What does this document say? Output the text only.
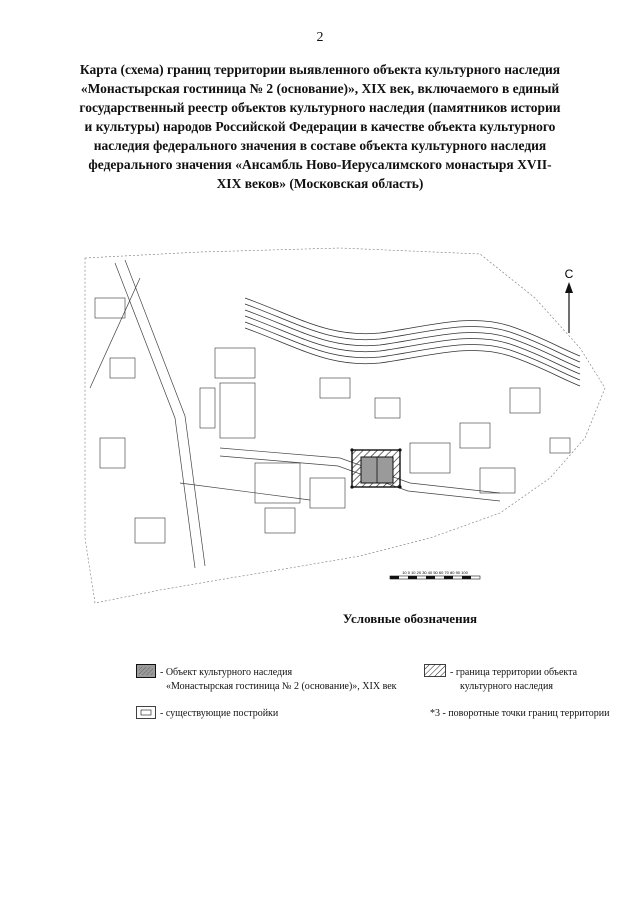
2
Карта (схема) границ территории выявленного объекта культурного наследия
«Монастырская гостиница № 2 (основание)», XIX век, включаемого в единый
государственный реестр объектов культурного наследия (памятников истории
и культуры) народов Российской Федерации в качестве объекта культурного
наследия федерального значения в составе объекта культурного наследия
федерального значения «Ансамбль Ново-Иерусалимского монастыря XVII-
XIX веков» (Московская область)
С
10 0 10 20 30 40 50 60 70 80 90 100
Условные обозначения
- Объект культурного наследия
«Монастырская гостиница № 2 (основание)», XIX век
- граница территории объекта
культурного наследия
- существующие постройки	*3 - поворотные точки границ территории
